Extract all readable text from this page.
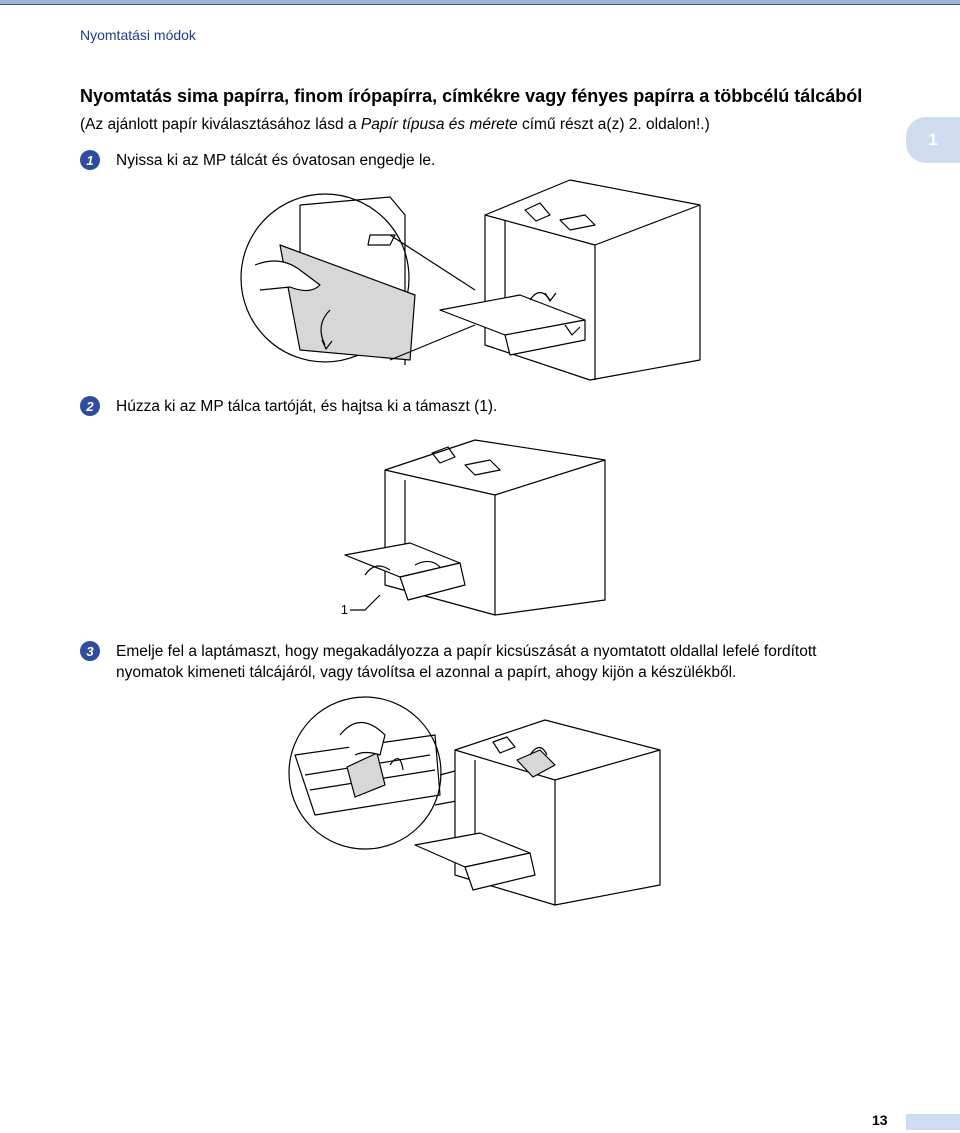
Nyomtatási módok
1
Nyomtatás sima papírra, finom írópapírra, címkékre vagy fényes papírra a többcélú tálcából
(Az ajánlott papír kiválasztásához lásd a Papír típusa és mérete című részt a(z) 2. oldalon!.)
1	Nyissa ki az MP tálcát és óvatosan engedje le.
2	Húzza ki az MP tálca tartóját, és hajtsa ki a támaszt (1).
1
3	Emelje fel a laptámaszt, hogy megakadályozza a papír kicsúszását a nyomtatott oldallal lefelé fordított
nyomatok kimeneti tálcájáról, vagy távolítsa el azonnal a papírt, ahogy kijön a készülékből.
13
